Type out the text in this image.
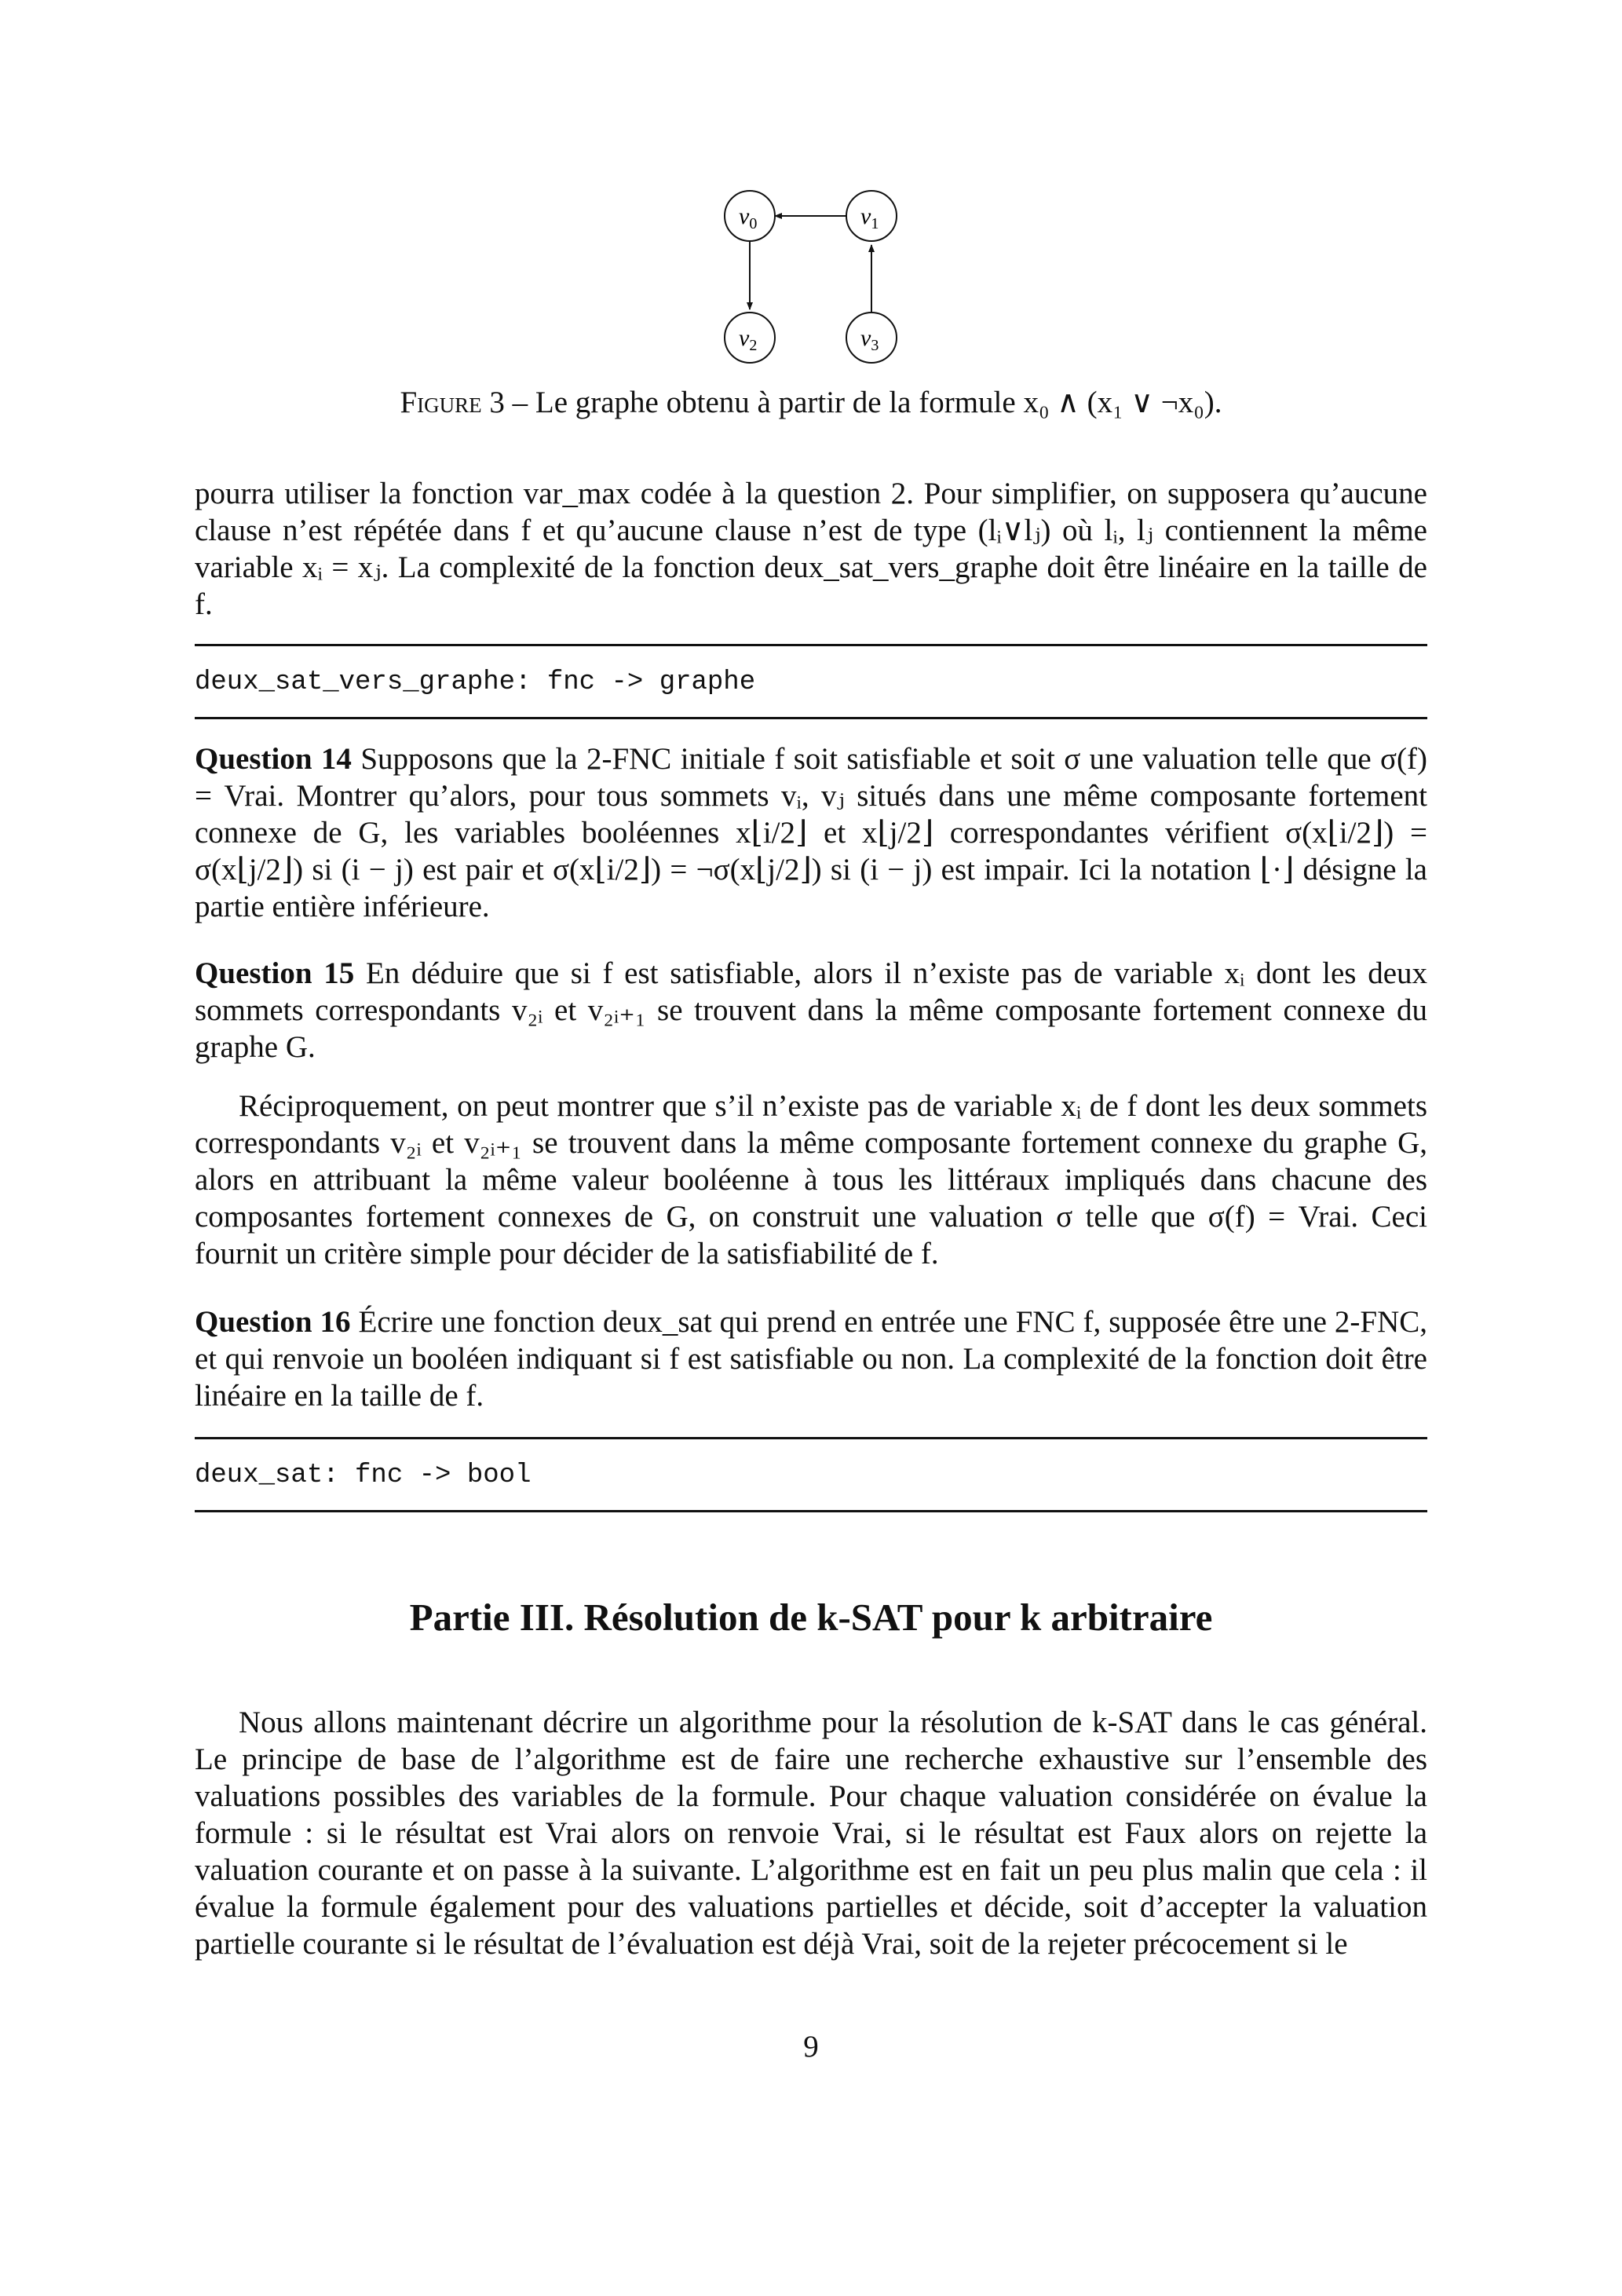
$v_0$	$v_1$
$v_2$	$v_3$
Figure 3 – Le graphe obtenu à partir de la formule x₀ ∧ (x₁ ∨ ¬x₀).

pourra utiliser la fonction var_max codée à la question 2. Pour simplifier, on supposera qu’aucune clause n’est répétée dans f et qu’aucune clause n’est de type (lᵢ∨lⱼ) où lᵢ, lⱼ contiennent la même variable xᵢ = xⱼ. La complexité de la fonction deux_sat_vers_graphe doit être linéaire en la taille de f.

deux_sat_vers_graphe: fnc -> graphe

Question 14 Supposons que la 2-FNC initiale f soit satisfiable et soit σ une valuation telle que σ(f) = Vrai. Montrer qu’alors, pour tous sommets vᵢ, vⱼ situés dans une même composante fortement connexe de G, les variables booléennes x⌊i/2⌋ et x⌊j/2⌋ correspondantes vérifient σ(x⌊i/2⌋) = σ(x⌊j/2⌋) si (i − j) est pair et σ(x⌊i/2⌋) = ¬σ(x⌊j/2⌋) si (i − j) est impair. Ici la notation ⌊·⌋ désigne la partie entière inférieure.

Question 15 En déduire que si f est satisfiable, alors il n’existe pas de variable xᵢ dont les deux sommets correspondants v₂ᵢ et v₂ᵢ₊₁ se trouvent dans la même composante fortement connexe du graphe G.

Réciproquement, on peut montrer que s’il n’existe pas de variable xᵢ de f dont les deux sommets correspondants v₂ᵢ et v₂ᵢ₊₁ se trouvent dans la même composante fortement connexe du graphe G, alors en attribuant la même valeur booléenne à tous les littéraux impliqués dans chacune des composantes fortement connexes de G, on construit une valuation σ telle que σ(f) = Vrai. Ceci fournit un critère simple pour décider de la satisfiabilité de f.

Question 16 Écrire une fonction deux_sat qui prend en entrée une FNC f, supposée être une 2-FNC, et qui renvoie un booléen indiquant si f est satisfiable ou non. La complexité de la fonction doit être linéaire en la taille de f.

deux_sat: fnc -> bool
Partie III. Résolution de k-SAT pour k arbitraire

Nous allons maintenant décrire un algorithme pour la résolution de k-SAT dans le cas général. Le principe de base de l’algorithme est de faire une recherche exhaustive sur l’ensemble des valuations possibles des variables de la formule. Pour chaque valuation considérée on évalue la formule : si le résultat est Vrai alors on renvoie Vrai, si le résultat est Faux alors on rejette la valuation courante et on passe à la suivante. L’algorithme est en fait un peu plus malin que cela : il évalue la formule également pour des valuations partielles et décide, soit d’accepter la valuation partielle courante si le résultat de l’évaluation est déjà Vrai, soit de la rejeter précocement si le

9
